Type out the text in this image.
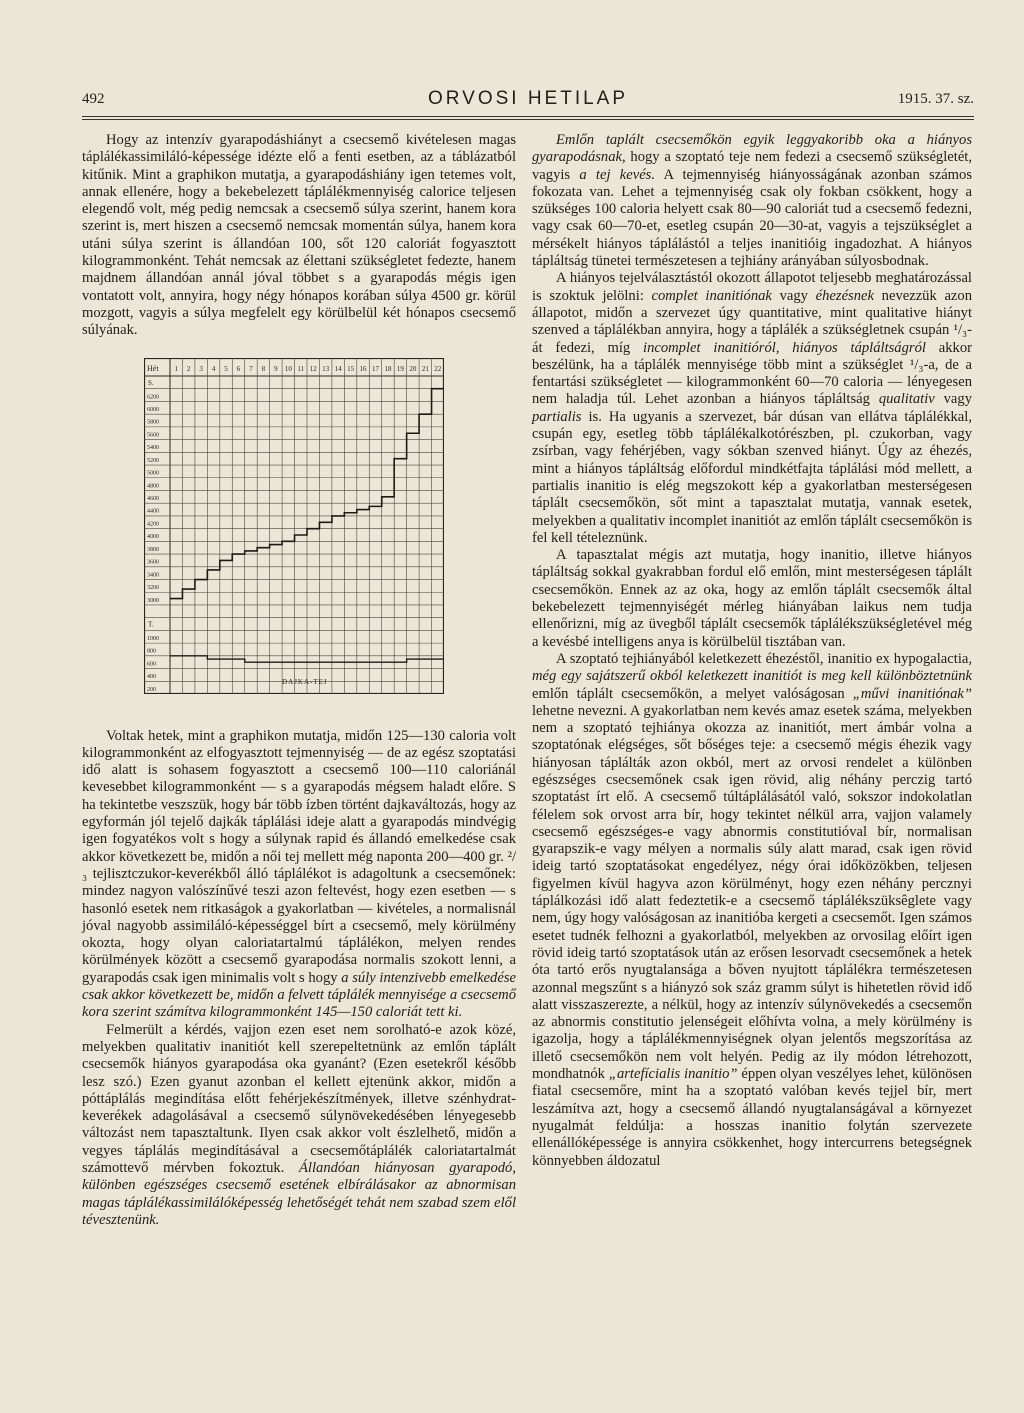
492	ORVOSI HETILAP	1915. 37. sz.

Hogy az intenzív gyarapodáshiányt a csecsemő kivételesen magas táplálékassimiláló-képessége idézte elő a fenti esetben, az a táblázatból kitűnik. Mint a graphikon mutatja, a gyarapodáshiány igen tetemes volt, annak ellenére, hogy a bekebelezett táplálékmennyiség calorice teljesen elegendő volt, még pedig nemcsak a csecsemő súlya szerint, hanem kora szerint is, mert hiszen a csecsemő nemcsak momentán súlya, hanem kora utáni súlya szerint is állandóan 100, sőt 120 caloriát fogyasztott kilogrammonként. Tehát nemcsak az élettani szükségletet fedezte, hanem majdnem állandóan annál jóval többet s a gyarapodás mégis igen vontatott volt, annyira, hogy négy hónapos korában súlya 4500 gr. körül mozgott, vagyis a súlya megfelelt egy körülbelül két hónapos csecsemő súlyának.

Hét 1 2 3 4 5 6 7 8 9 10 11 12 13 14 15 16 17 18 19 20 21 22
S.
6200
6000
5800
5600
5400
5200
5000
4800
4600
4400
4200
4000
3800
3600
3400
3200
3000
T.
1000
800
600
400
200
DAJKA-TEJ

Voltak hetek, mint a graphikon mutatja, midőn 125—130 caloria volt kilogrammonként az elfogyasztott tejmennyiség — de az egész szoptatási idő alatt is sohasem fogyasztott a csecsemő 100—110 caloriánál kevesebbet kilogrammonként — s a gyarapodás mégsem haladt előre. S ha tekintetbe veszszük, hogy bár több ízben történt dajkaváltozás, hogy az egyformán jól tejelő dajkák táplálási ideje alatt a gyarapodás mindvégig igen fogyatékos volt s hogy a súlynak rapid és állandó emelkedése csak akkor következett be, midőn a női tej mellett még naponta 200—400 gr. ²/₃ tejlisztczukor-keverékből álló táplálékot is adagoltunk a csecsemőnek: mindez nagyon valószínűvé teszi azon feltevést, hogy ezen esetben — s hasonló esetek nem ritkaságok a gyakorlatban — kivételes, a normalisnál jóval nagyobb assimiláló-képességgel bírt a csecsemő, mely körülmény okozta, hogy olyan caloriatartalmú táplálékon, melyen rendes körülmények között a csecsemő gyarapodása normalis szokott lenni, a gyarapodás csak igen minimalis volt s hogy a súly intenzivebb emelkedése csak akkor következett be, midőn a felvett táplálék mennyisége a csecsemő kora szerint számítva kilogrammonként 145—150 caloriát tett ki.

Felmerült a kérdés, vajjon ezen eset nem sorolható-e azok közé, melyekben qualitativ inanitiót kell szerepeltetnünk az emlőn táplált csecsemők hiányos gyarapodása oka gyanánt? (Ezen esetekről később lesz szó.) Ezen gyanut azonban el kellett ejtenünk akkor, midőn a póttáplálás megindítása előtt fehérjekészítmények, illetve szénhydrat-keverékek adagolásával a csecsemő súlynövekedésében lényegesebb változást nem tapasztaltunk. Ilyen csak akkor volt észlelhető, midőn a vegyes táplálás megindításával a csecsemőtáplálék caloriatartalmát számottevő mérvben fokoztuk. Állandóan hiányosan gyarapodó, különben egészséges csecsemő esetének elbírálásakor az abnormisan magas táplálékassimilálóképesség lehetőségét tehát nem szabad szem elől tévesztenünk.

Emlőn taplált csecsemőkön egyik leggyakoribb oka a hiányos gyarapodásnak, hogy a szoptató teje nem fedezi a csecsemő szükségletét, vagyis a tej kevés. A tejmennyiség hiányosságának azonban számos fokozata van. Lehet a tejmennyiség csak oly fokban csökkent, hogy a szükséges 100 caloria helyett csak 80—90 caloriát tud a csecsemő fedezni, vagy csak 60—70-et, esetleg csupán 20—30-at, vagyis a tejszükséglet a mérsékelt hiányos táplálástól a teljes inanitióig ingadozhat. A hiányos tápláltság tünetei természetesen a tejhiány arányában súlyosbodnak.

A hiányos tejelválasztástól okozott állapotot teljesebb meghatározással is szoktuk jelölni: complet inanitiónak vagy éhezésnek nevezzük azon állapotot, midőn a szervezet úgy quantitative, mint qualitative hiányt szenved a táplálékban annyira, hogy a táplálék a szükségletnek csupán ¹/₃-át fedezi, míg incomplet inanitióról, hiányos tápláltságról akkor beszélünk, ha a táplálék mennyisége több mint a szükséglet ¹/₃-a, de a fentartási szükségletet — kilogrammonként 60—70 caloria — lényegesen nem haladja túl. Lehet azonban a hiányos tápláltság qualitativ vagy partialis is. Ha ugyanis a szervezet, bár dúsan van ellátva táplálékkal, csupán egy, esetleg több táplálékalkotórészben, pl. czukorban, vagy zsírban, vagy fehérjében, vagy sókban szenved hiányt. Úgy az éhezés, mint a hiányos tápláltság előfordul mindkétfajta táplálási mód mellett, a partialis inanitio is elég megszokott kép a gyakorlatban mesterségesen táplált csecsemőkön, sőt mint a tapasztalat mutatja, vannak esetek, melyekben a qualitativ incomplet inanitiót az emlőn táplált csecsemőkön is fel kell tételeznünk.

A tapasztalat mégis azt mutatja, hogy inanitio, illetve hiányos tápláltság sokkal gyakrabban fordul elő emlőn, mint mesterségesen táplált csecsemőkön. Ennek az az oka, hogy az emlőn táplált csecsemők által bekebelezett tejmennyiségét mérleg hiányában laikus nem tudja ellenőrizni, míg az üvegből táplált csecsemők táplálékszükségletével még a kevésbé intelligens anya is körülbelül tisztában van.

A szoptató tejhiányából keletkezett éhezéstől, inanitio ex hypogalactia, még egy sajátszerű okból keletkezett inanitiót is meg kell különböztetnünk emlőn táplált csecsemőkön, a melyet valóságosan „művi inanitiónak” lehetne nevezni. A gyakorlatban nem kevés amaz esetek száma, melyekben nem a szoptató tejhiánya okozza az inanitiót, mert ámbár volna a szoptatónak elégséges, sőt bőséges teje: a csecsemő mégis éhezik vagy hiányosan táplálták azon okból, mert az orvosi rendelet a különben egészséges csecsemőnek csak igen rövid, alig néhány perczig tartó szoptatást írt elő. A csecsemő túltáplálásától való, sokszor indokolatlan félelem sok orvost arra bír, hogy tekintet nélkül arra, vajjon valamely csecsemő egészséges-e vagy abnormis constitutióval bír, normalisan gyarapszik-e vagy mélyen a normalis súly alatt marad, csak igen rövid ideig tartó szoptatásokat engedélyez, négy órai időközökben, teljesen figyelmen kívül hagyva azon körülményt, hogy ezen néhány percznyi táplálkozási idő alatt fedeztetik-e a csecsemő táplálékszüksêglete vagy nem, úgy hogy valóságosan az inanitióba kergeti a csecsemőt. Igen számos esetet tudnék felhozni a gyakorlatból, melyekben az orvosilag előírt igen rövid ideig tartó szoptatások után az erősen lesorvadt csecsemőnek a hetek óta tartó erős nyugtalansága a bőven nyujtott táplálékra természetesen azonnal megszűnt s a hiányzó sok száz gramm súlyt is hihetetlen rövid idő alatt visszaszerezte, a nélkül, hogy az intenzív súlynövekedés a csecsemőn az abnormis constitutio jelenségeit előhívta volna, a mely körülmény is igazolja, hogy a táplálékmennyiségnek olyan jelentős megszorítása az illető csecsemőkön nem volt helyén. Pedig az ily módon létrehozott, mondhatnók „artefícialis inanitio” éppen olyan veszélyes lehet, különösen fiatal csecsemőre, mint ha a szoptató valóban kevés tejjel bír, mert leszámítva azt, hogy a csecsemő állandó nyugtalanságával a környezet nyugalmát feldúlja: a hosszas inanitio folytán szervezete ellenállóképessége is annyira csökkenhet, hogy intercurrens betegségnek könnyebben áldozatul
